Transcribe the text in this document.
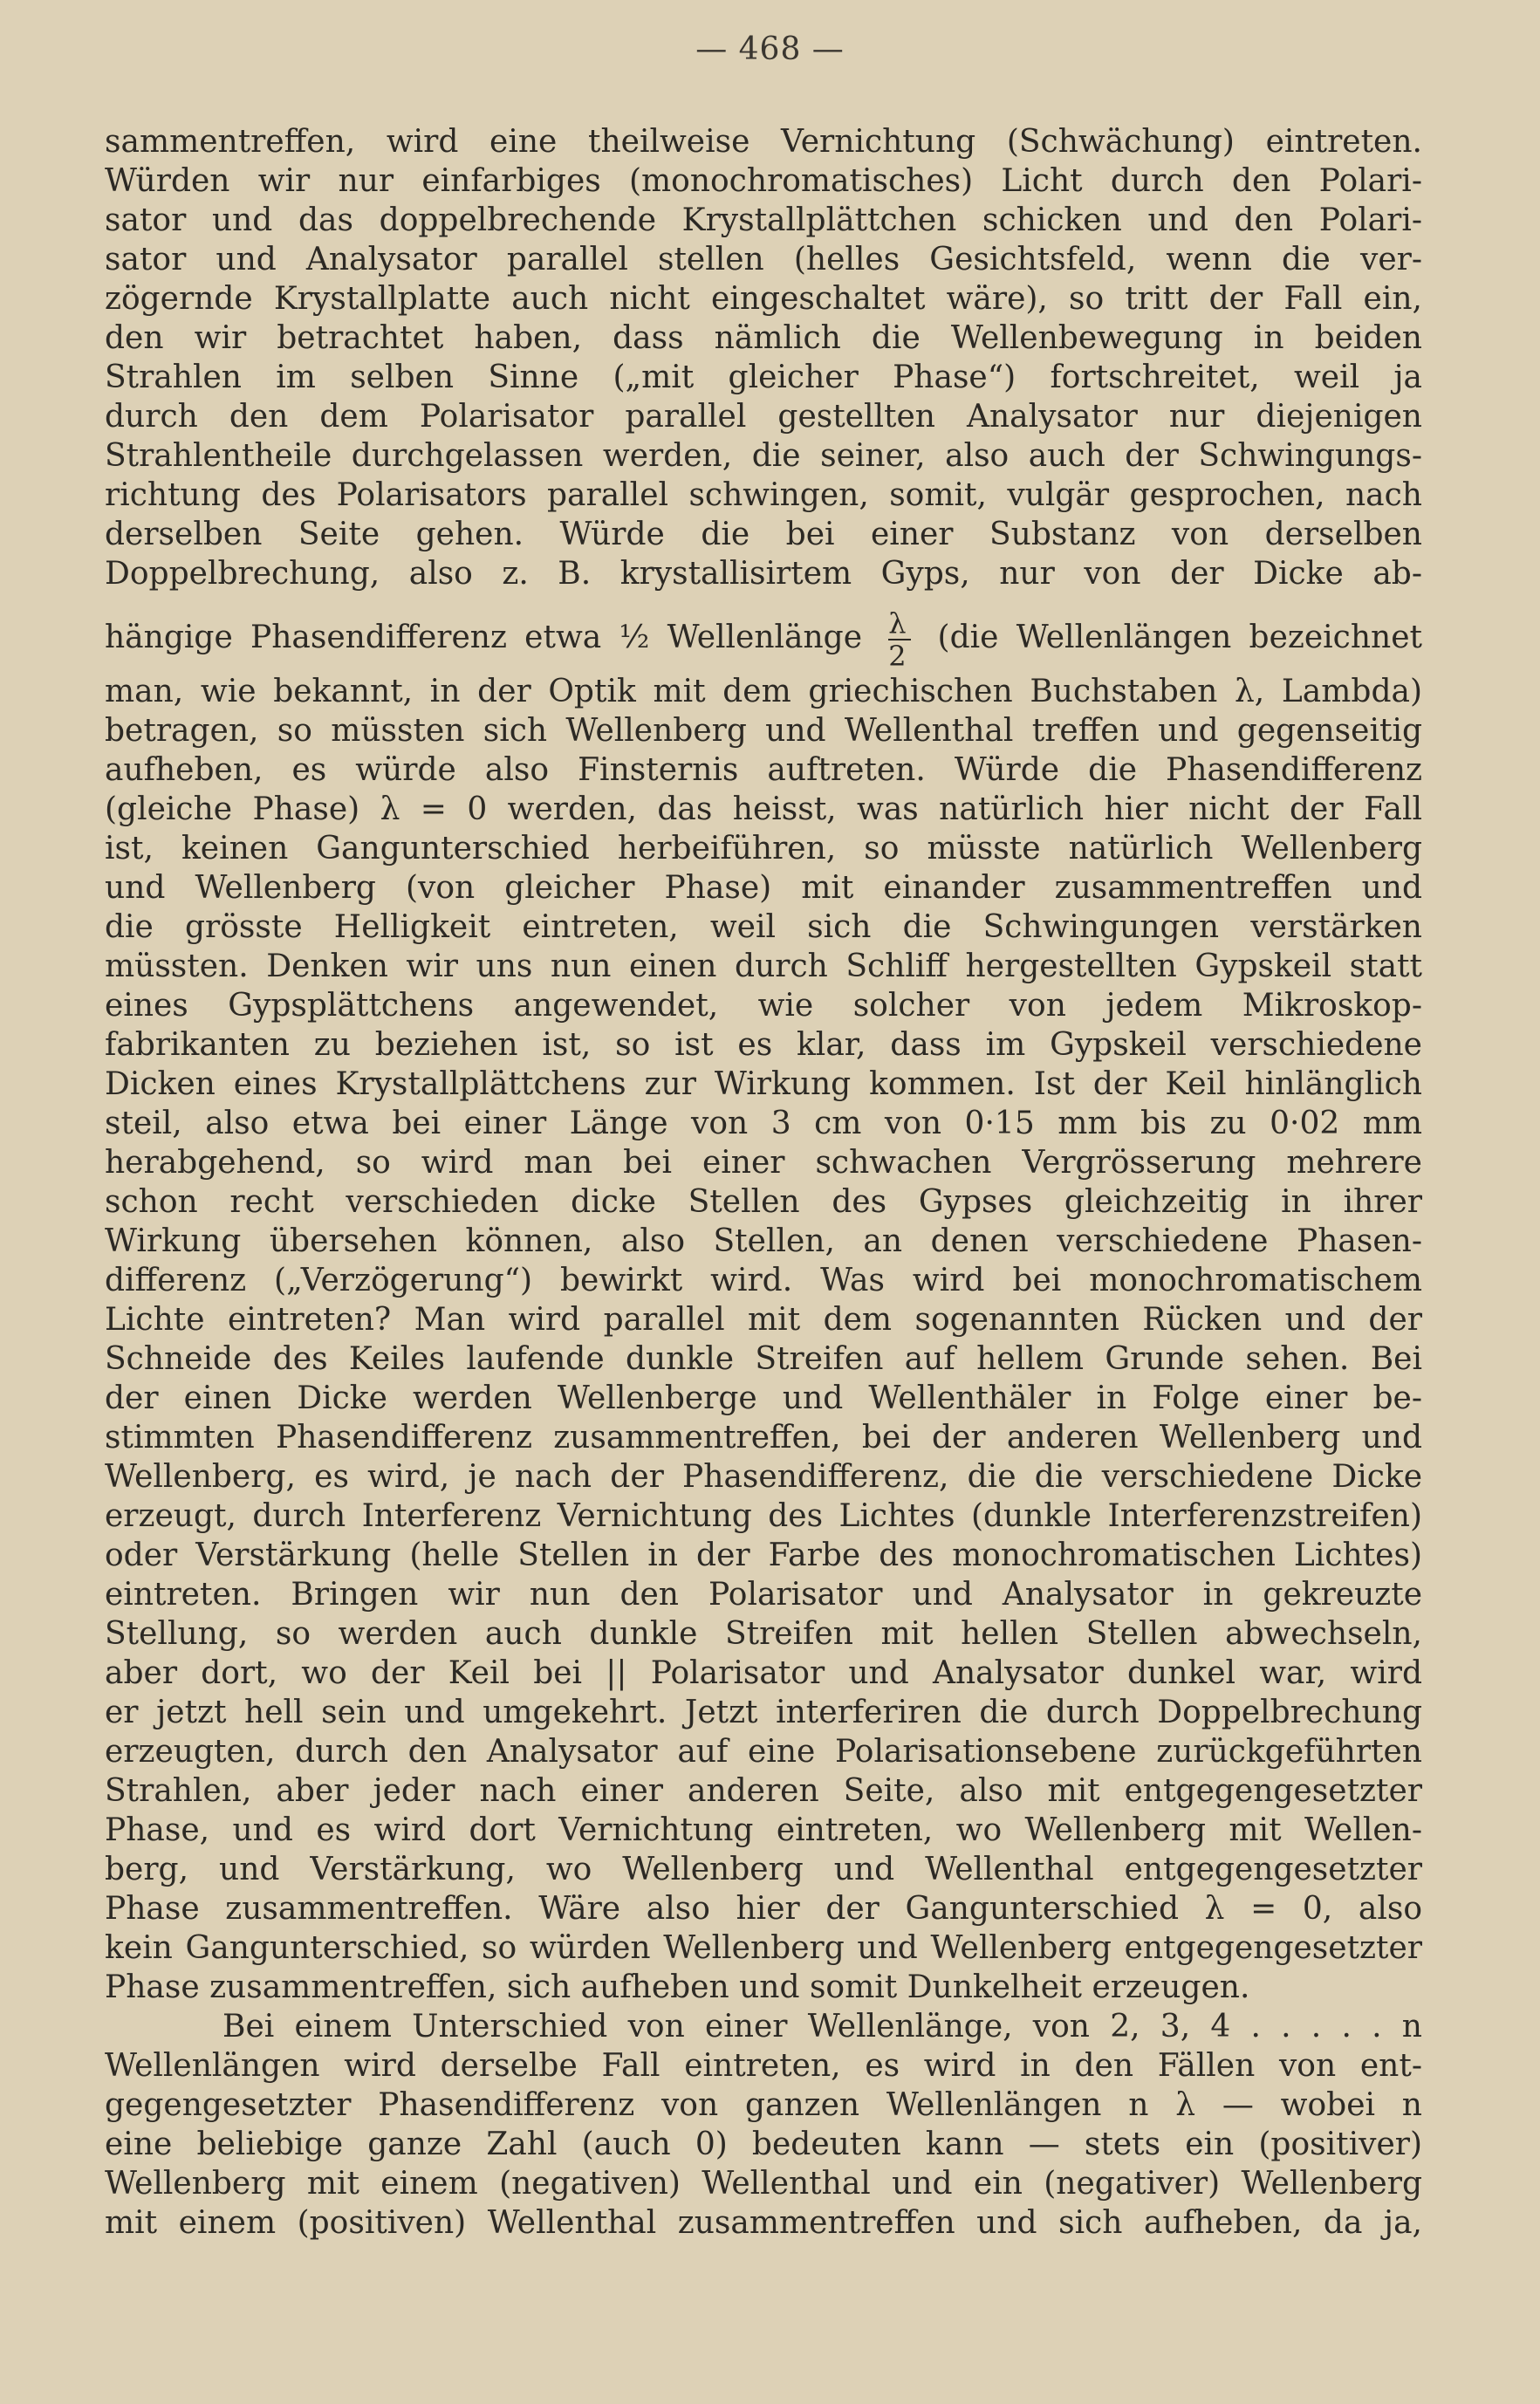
— 468 —
sammentreffen, wird eine theilweise Vernichtung (Schwächung) eintreten.
Würden wir nur einfarbiges (monochromatisches) Licht durch den Polari-
sator und das doppelbrechende Krystallplättchen schicken und den Polari-
sator und Analysator parallel stellen (helles Gesichtsfeld, wenn die ver-
zögernde Krystallplatte auch nicht eingeschaltet wäre), so tritt der Fall ein,
den wir betrachtet haben, dass nämlich die Wellenbewegung in beiden
Strahlen im selben Sinne („mit gleicher Phase“) fortschreitet, weil ja
durch den dem Polarisator parallel gestellten Analysator nur diejenigen
Strahlentheile durchgelassen werden, die seiner, also auch der Schwingungs-
richtung des Polarisators parallel schwingen, somit, vulgär gesprochen, nach
derselben Seite gehen. Würde die bei einer Substanz von derselben
Doppelbrechung, also z. B. krystallisirtem Gyps, nur von der Dicke ab-
hängige Phasendifferenz etwa ½ Wellenlänge $\frac{\lambda}{2} (die$ Wellenlängen bezeichnet
man, wie bekannt, in der Optik mit dem griechischen Buchstaben λ, Lambda)
betragen, so müssten sich Wellenberg und Wellenthal treffen und gegenseitig
aufheben, es würde also Finsternis auftreten. Würde die Phasendifferenz
(gleiche Phase) λ = 0 werden, das heisst, was natürlich hier nicht der Fall
ist, keinen Gangunterschied herbeiführen, so müsste natürlich Wellenberg
und Wellenberg (von gleicher Phase) mit einander zusammentreffen und
die grösste Helligkeit eintreten, weil sich die Schwingungen verstärken
müssten. Denken wir uns nun einen durch Schliff hergestellten Gypskeil statt
eines Gypsplättchens angewendet, wie solcher von jedem Mikroskop-
fabrikanten zu beziehen ist, so ist es klar, dass im Gypskeil verschiedene
Dicken eines Krystallplättchens zur Wirkung kommen. Ist der Keil hinlänglich
steil, also etwa bei einer Länge von 3 cm von 0·15 mm bis zu 0·02 mm
herabgehend, so wird man bei einer schwachen Vergrösserung mehrere
schon recht verschieden dicke Stellen des Gypses gleichzeitig in ihrer
Wirkung übersehen können, also Stellen, an denen verschiedene Phasen-
differenz („Verzögerung“) bewirkt wird. Was wird bei monochromatischem
Lichte eintreten? Man wird parallel mit dem sogenannten Rücken und der
Schneide des Keiles laufende dunkle Streifen auf hellem Grunde sehen. Bei
der einen Dicke werden Wellenberge und Wellenthäler in Folge einer be-
stimmten Phasendifferenz zusammentreffen, bei der anderen Wellenberg und
Wellenberg, es wird, je nach der Phasendifferenz, die die verschiedene Dicke
erzeugt, durch Interferenz Vernichtung des Lichtes (dunkle Interferenzstreifen)
oder Verstärkung (helle Stellen in der Farbe des monochromatischen Lichtes)
eintreten. Bringen wir nun den Polarisator und Analysator in gekreuzte
Stellung, so werden auch dunkle Streifen mit hellen Stellen abwechseln,
aber dort, wo der Keil bei || Polarisator und Analysator dunkel war, wird
er jetzt hell sein und umgekehrt. Jetzt interferiren die durch Doppelbrechung
erzeugten, durch den Analysator auf eine Polarisationsebene zurückgeführten
Strahlen, aber jeder nach einer anderen Seite, also mit entgegengesetzter
Phase, und es wird dort Vernichtung eintreten, wo Wellenberg mit Wellen-
berg, und Verstärkung, wo Wellenberg und Wellenthal entgegengesetzter
Phase zusammentreffen. Wäre also hier der Gangunterschied λ = 0, also
kein Gangunterschied, so würden Wellenberg und Wellenberg entgegengesetzter
Phase zusammentreffen, sich aufheben und somit Dunkelheit erzeugen.
Bei einem Unterschied von einer Wellenlänge, von 2, 3, 4 . . . . . n
Wellenlängen wird derselbe Fall eintreten, es wird in den Fällen von ent-
gegengesetzter Phasendifferenz von ganzen Wellenlängen n λ — wobei n
eine beliebige ganze Zahl (auch 0) bedeuten kann — stets ein (positiver)
Wellenberg mit einem (negativen) Wellenthal und ein (negativer) Wellenberg
mit einem (positiven) Wellenthal zusammentreffen und sich aufheben, da ja,
